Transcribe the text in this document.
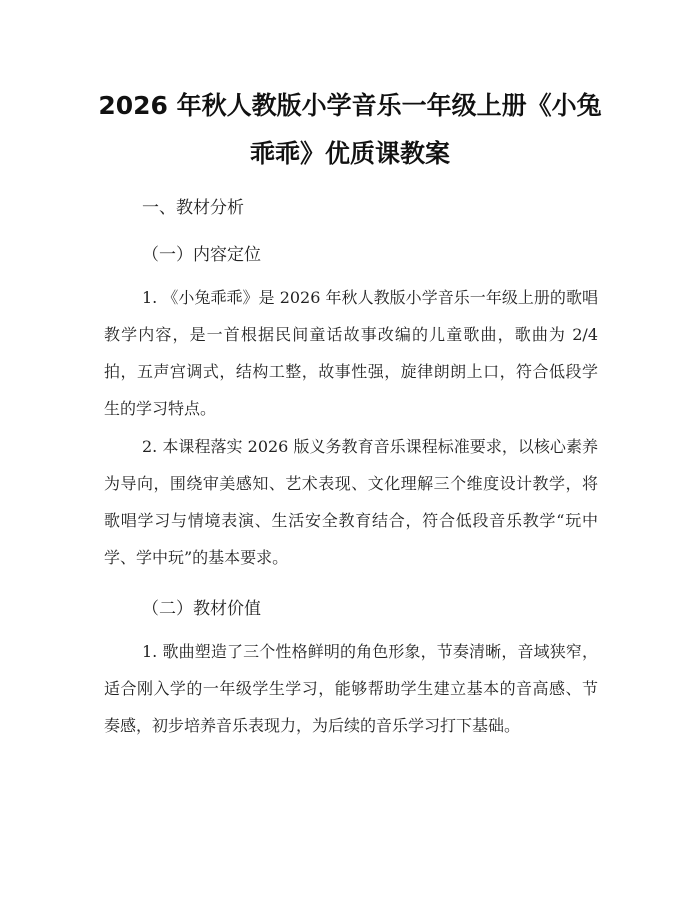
2026 年秋人教版小学音乐一年级上册《小兔
乖乖》优质课教案
一、教材分析
（一）内容定位

1. 《小兔乖乖》是 2026 年秋人教版小学音乐一年级上册的歌唱教学内容，是一首根据民间童话故事改编的儿童歌曲，歌曲为 2/4 拍，五声宫调式，结构工整，故事性强，旋律朗朗上口，符合低段学生的学习特点。

2. 本课程落实 2026 版义务教育音乐课程标准要求，以核心素养为导向，围绕审美感知、艺术表现、文化理解三个维度设计教学，将歌唱学习与情境表演、生活安全教育结合，符合低段音乐教学“玩中学、学中玩”的基本要求。

（二）教材价值

1. 歌曲塑造了三个性格鲜明的角色形象，节奏清晰，音域狭窄，适合刚入学的一年级学生学习，能够帮助学生建立基本的音高感、节奏感，初步培养音乐表现力，为后续的音乐学习打下基础。
